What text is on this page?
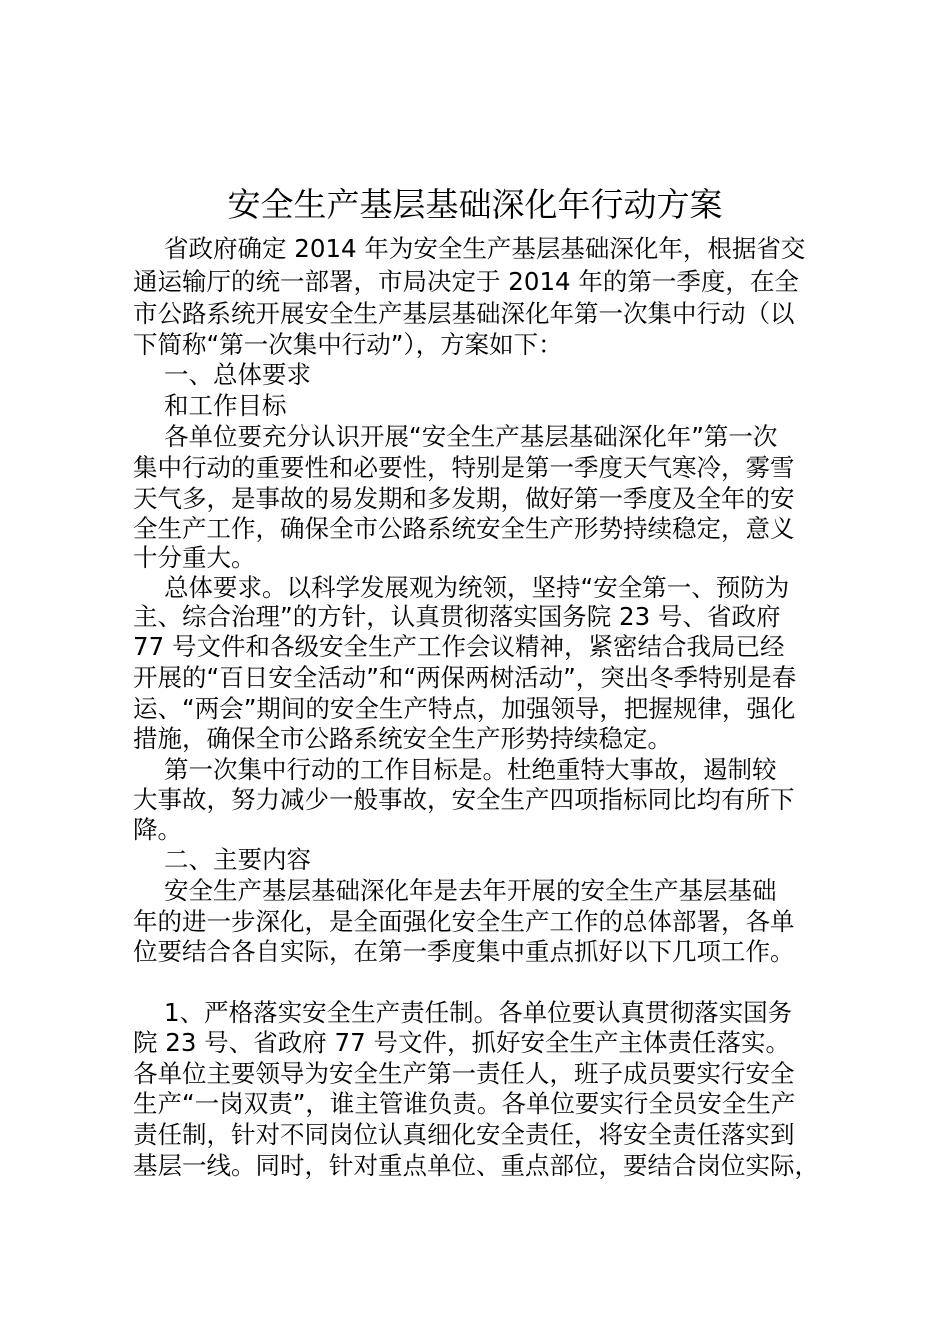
安全生产基层基础深化年行动方案
省政府确定 2014 年为安全生产基层基础深化年，根据省交
通运输厅的统一部署，市局决定于 2014 年的第一季度，在全
市公路系统开展安全生产基层基础深化年第一次集中行动（以
下简称“第一次集中行动”），方案如下：
一、总体要求
和工作目标
各单位要充分认识开展“安全生产基层基础深化年”第一次
集中行动的重要性和必要性，特别是第一季度天气寒冷，雾雪
天气多，是事故的易发期和多发期，做好第一季度及全年的安
全生产工作，确保全市公路系统安全生产形势持续稳定，意义
十分重大。
总体要求。以科学发展观为统领，坚持“安全第一、预防为
主、综合治理”的方针，认真贯彻落实国务院 23 号、省政府
77 号文件和各级安全生产工作会议精神，紧密结合我局已经
开展的“百日安全活动”和“两保两树活动”，突出冬季特别是春
运、“两会”期间的安全生产特点，加强领导，把握规律，强化
措施，确保全市公路系统安全生产形势持续稳定。
第一次集中行动的工作目标是。杜绝重特大事故，遏制较
大事故，努力减少一般事故，安全生产四项指标同比均有所下
降。
二、主要内容
安全生产基层基础深化年是去年开展的安全生产基层基础
年的进一步深化，是全面强化安全生产工作的总体部署，各单
位要结合各自实际，在第一季度集中重点抓好以下几项工作。
1、严格落实安全生产责任制。各单位要认真贯彻落实国务
院 23 号、省政府 77 号文件，抓好安全生产主体责任落实。
各单位主要领导为安全生产第一责任人，班子成员要实行安全
生产“一岗双责”，谁主管谁负责。各单位要实行全员安全生产
责任制，针对不同岗位认真细化安全责任，将安全责任落实到
基层一线。同时，针对重点单位、重点部位，要结合岗位实际，
